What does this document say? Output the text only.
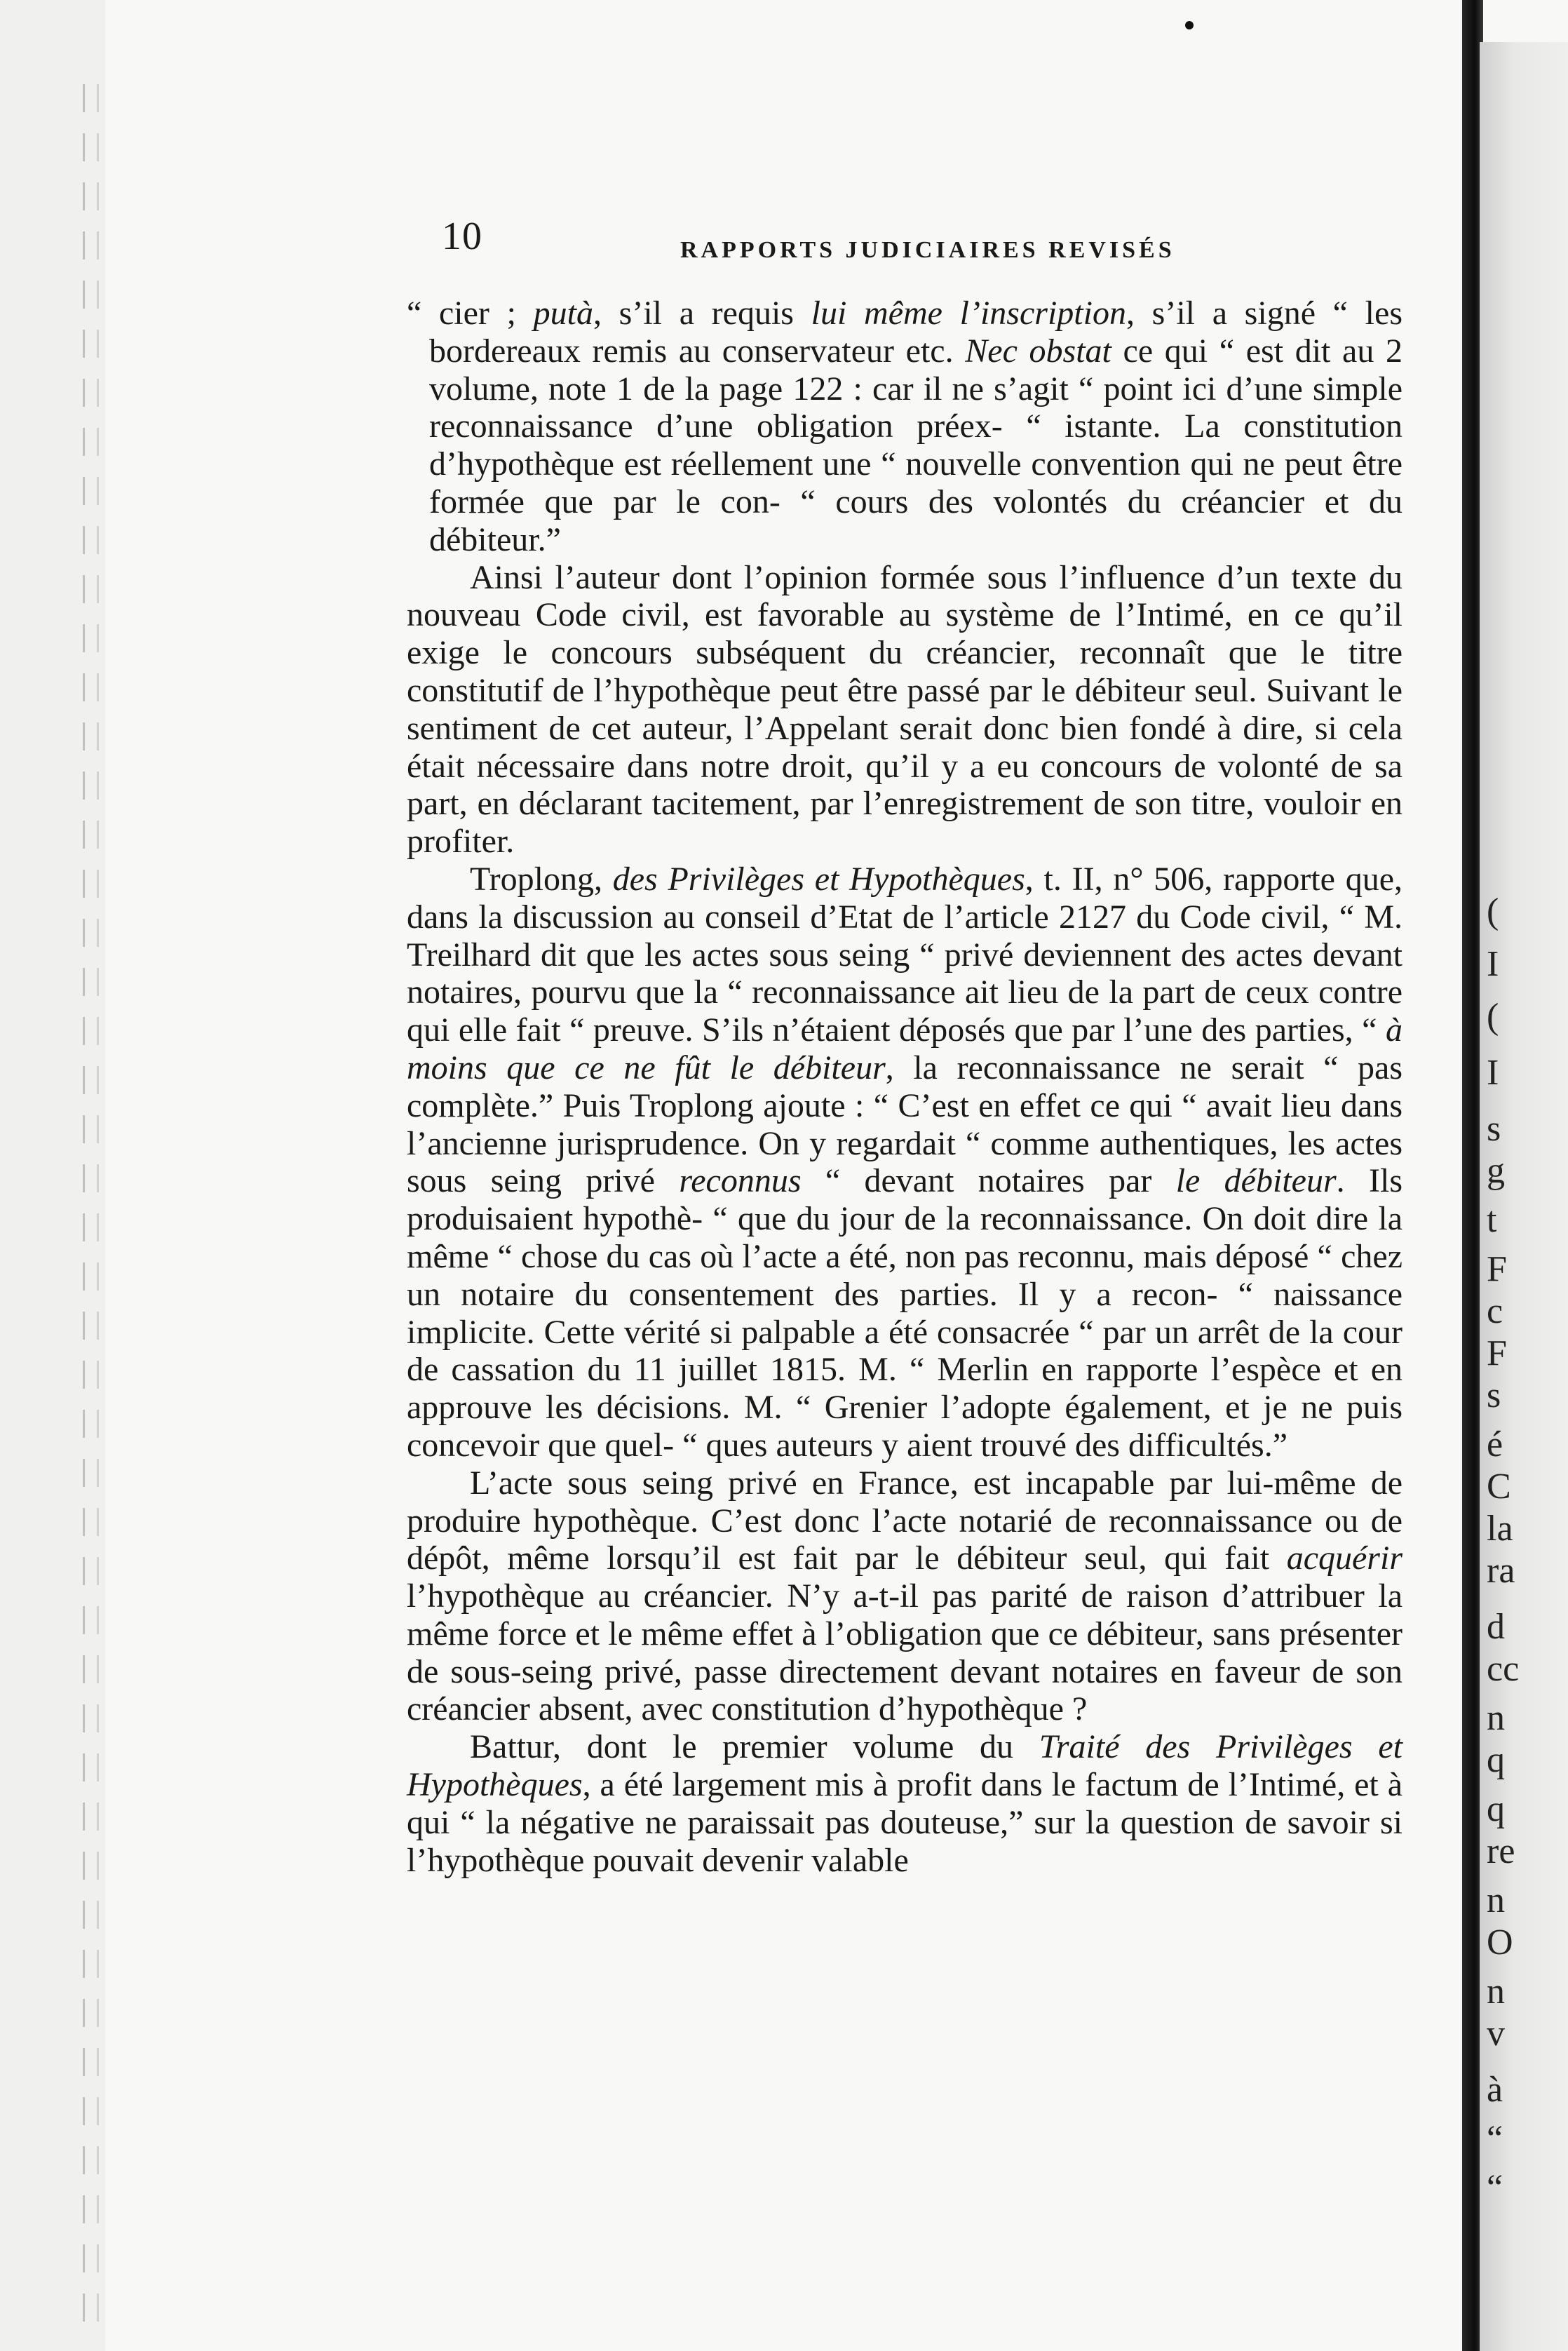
10	RAPPORTS JUDICIAIRES REVISÉS

“ cier ; putà, s’il a requis lui même l’inscription, s’il a signé “ les bordereaux remis au conservateur etc. Nec obstat ce qui “ est dit au 2 volume, note 1 de la page 122 : car il ne s’agit “ point ici d’une simple reconnaissance d’une obligation préex- “ istante. La constitution d’hypothèque est réellement une “ nouvelle convention qui ne peut être formée que par le con- “ cours des volontés du créancier et du débiteur.”

Ainsi l’auteur dont l’opinion formée sous l’influence d’un texte du nouveau Code civil, est favorable au système de l’Intimé, en ce qu’il exige le concours subséquent du créancier, reconnaît que le titre constitutif de l’hypothèque peut être passé par le débiteur seul. Suivant le sentiment de cet auteur, l’Appelant serait donc bien fondé à dire, si cela était nécessaire dans notre droit, qu’il y a eu concours de volonté de sa part, en déclarant tacitement, par l’enregistrement de son titre, vouloir en profiter.

Troplong, des Privilèges et Hypothèques, t. II, n° 506, rapporte que, dans la discussion au conseil d’Etat de l’article 2127 du Code civil, “ M. Treilhard dit que les actes sous seing “ privé deviennent des actes devant notaires, pourvu que la “ reconnaissance ait lieu de la part de ceux contre qui elle fait “ preuve. S’ils n’étaient déposés que par l’une des parties, “ à moins que ce ne fût le débiteur, la reconnaissance ne serait “ pas complète.” Puis Troplong ajoute : “ C’est en effet ce qui “ avait lieu dans l’ancienne jurisprudence. On y regardait “ comme authentiques, les actes sous seing privé reconnus “ devant notaires par le débiteur. Ils produisaient hypothè- “ que du jour de la reconnaissance. On doit dire la même “ chose du cas où l’acte a été, non pas reconnu, mais déposé “ chez un notaire du consentement des parties. Il y a recon- “ naissance implicite. Cette vérité si palpable a été consacrée “ par un arrêt de la cour de cassation du 11 juillet 1815. M. “ Merlin en rapporte l’espèce et en approuve les décisions. M. “ Grenier l’adopte également, et je ne puis concevoir que quel- “ ques auteurs y aient trouvé des difficultés.”

L’acte sous seing privé en France, est incapable par lui-même de produire hypothèque. C’est donc l’acte notarié de reconnaissance ou de dépôt, même lorsqu’il est fait par le débiteur seul, qui fait acquérir l’hypothèque au créancier. N’y a-t-il pas parité de raison d’attribuer la même force et le même effet à l’obligation que ce débiteur, sans présenter de sous-seing privé, passe directement devant notaires en faveur de son créancier absent, avec constitution d’hypothèque ?

Battur, dont le premier volume du Traité des Privilèges et Hypothèques, a été largement mis à profit dans le factum de l’Intimé, et à qui “ la négative ne paraissait pas douteuse,” sur la question de savoir si l’hypothèque pouvait devenir valable

(
I
(
I
s
g
t
F
c
F
s
é
C
la
ra
d
cc
n
q
q
re
n
O
n
v
à
“
“
